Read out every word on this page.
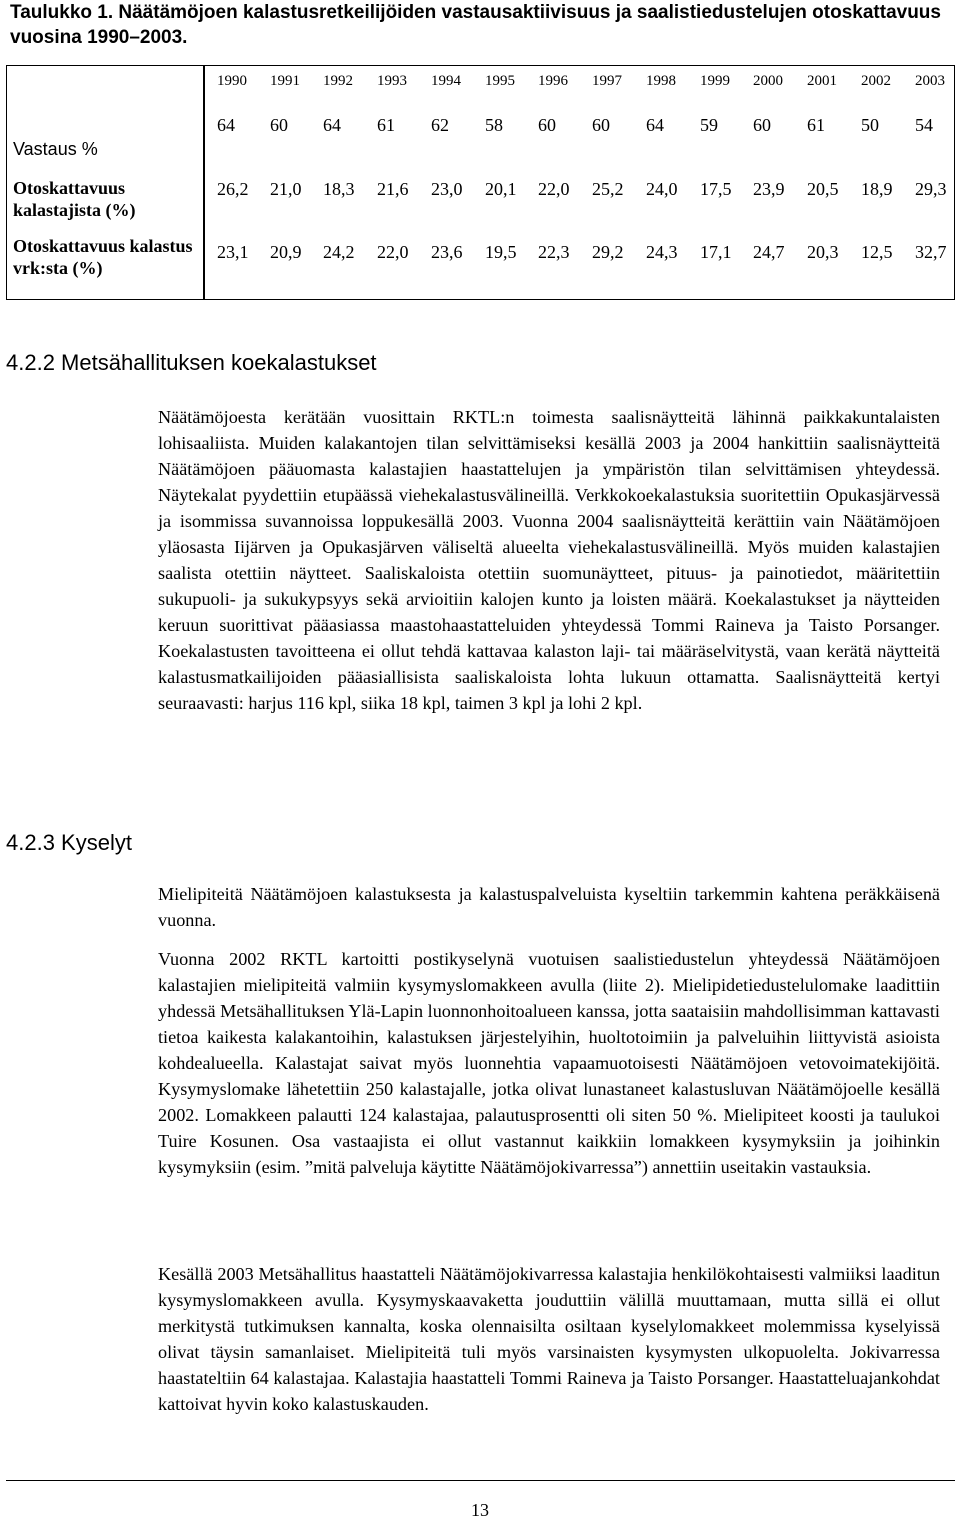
Taulukko 1. Näätämöjoen kalastusretkeilijöiden vastausaktiivisuus ja saalistiedustelujen otoskattavuus vuosina 1990–2003.
Vastaus %
Otoskattavuus kalastajista (%)
Otoskattavuus kalastus vrk:sta (%)
1990 1991 1992 1993 1994 1995 1996 1997 1998 1999 2000 2001 2002 2003
64 60 64 61 62 58 60 60 64 59 60 61 50 54
26,2 21,0 18,3 21,6 23,0 20,1 22,0 25,2 24,0 17,5 23,9 20,5 18,9 29,3
23,1 20,9 24,2 22,0 23,6 19,5 22,3 29,2 24,3 17,1 24,7 20,3 12,5 32,7
4.2.2 Metsähallituksen koekalastukset

Näätämöjoesta kerätään vuosittain RKTL:n toimesta saalisnäytteitä lähinnä paikkakuntalaisten lohisaaliista. Muiden kalakantojen tilan selvittämiseksi kesällä 2003 ja 2004 hankittiin saalisnäytteitä Näätämöjoen pääuomasta kalastajien haastattelujen ja ympäristön tilan selvittämisen yhteydessä. Näytekalat pyydettiin etupäässä viehekalastusvälineillä. Verkkokoekalastuksia suoritettiin Opukasjärvessä ja isommissa suvannoissa loppukesällä 2003. Vuonna 2004 saalisnäytteitä kerättiin vain Näätämöjoen yläosasta Iijärven ja Opukasjärven väliseltä alueelta viehekalastusvälineillä. Myös muiden kalastajien saalista otettiin näytteet. Saaliskaloista otettiin suomunäytteet, pituus- ja painotiedot, määritettiin sukupuoli- ja sukukypsyys sekä arvioitiin kalojen kunto ja loisten määrä. Koekalastukset ja näytteiden keruun suorittivat pääasiassa maastohaastatteluiden yhteydessä Tommi Raineva ja Taisto Porsanger. Koekalastusten tavoitteena ei ollut tehdä kattavaa kalaston laji- tai määräselvitystä, vaan kerätä näytteitä kalastusmatkailijoiden pääasiallisista saaliskaloista lohta lukuun ottamatta. Saalisnäytteitä kertyi seuraavasti: harjus 116 kpl, siika 18 kpl, taimen 3 kpl ja lohi 2 kpl.

4.2.3 Kyselyt

Mielipiteitä Näätämöjoen kalastuksesta ja kalastuspalveluista kyseltiin tarkemmin kahtena peräkkäisenä vuonna.

Vuonna 2002 RKTL kartoitti postikyselynä vuotuisen saalistiedustelun yhteydessä Näätämöjoen kalastajien mielipiteitä valmiin kysymyslomakkeen avulla (liite 2). Mielipidetiedustelulomake laadittiin yhdessä Metsähallituksen Ylä-Lapin luonnonhoitoalueen kanssa, jotta saataisiin mahdollisimman kattavasti tietoa kaikesta kalakantoihin, kalastuksen järjestelyihin, huoltotoimiin ja palveluihin liittyvistä asioista kohdealueella. Kalastajat saivat myös luonnehtia vapaamuotoisesti Näätämöjoen vetovoimatekijöitä. Kysymyslomake lähetettiin 250 kalastajalle, jotka olivat lunastaneet kalastusluvan Näätämöjoelle kesällä 2002. Lomakkeen palautti 124 kalastajaa, palautusprosentti oli siten 50 %. Mielipiteet koosti ja taulukoi Tuire Kosunen. Osa vastaajista ei ollut vastannut kaikkiin lomakkeen kysymyksiin ja joihinkin kysymyksiin (esim. ”mitä palveluja käytitte Näätämöjokivarressa”) annettiin useitakin vastauksia.

Kesällä 2003 Metsähallitus haastatteli Näätämöjokivarressa kalastajia henkilökohtaisesti valmiiksi laaditun kysymyslomakkeen avulla. Kysymyskaavaketta jouduttiin välillä muuttamaan, mutta sillä ei ollut merkitystä tutkimuksen kannalta, koska olennaisilta osiltaan kyselylomakkeet molemmissa kyselyissä olivat täysin samanlaiset. Mielipiteitä tuli myös varsinaisten kysymysten ulkopuolelta. Jokivarressa haastateltiin 64 kalastajaa. Kalastajia haastatteli Tommi Raineva ja Taisto Porsanger. Haastatteluajankohdat kattoivat hyvin koko kalastuskauden.

13
